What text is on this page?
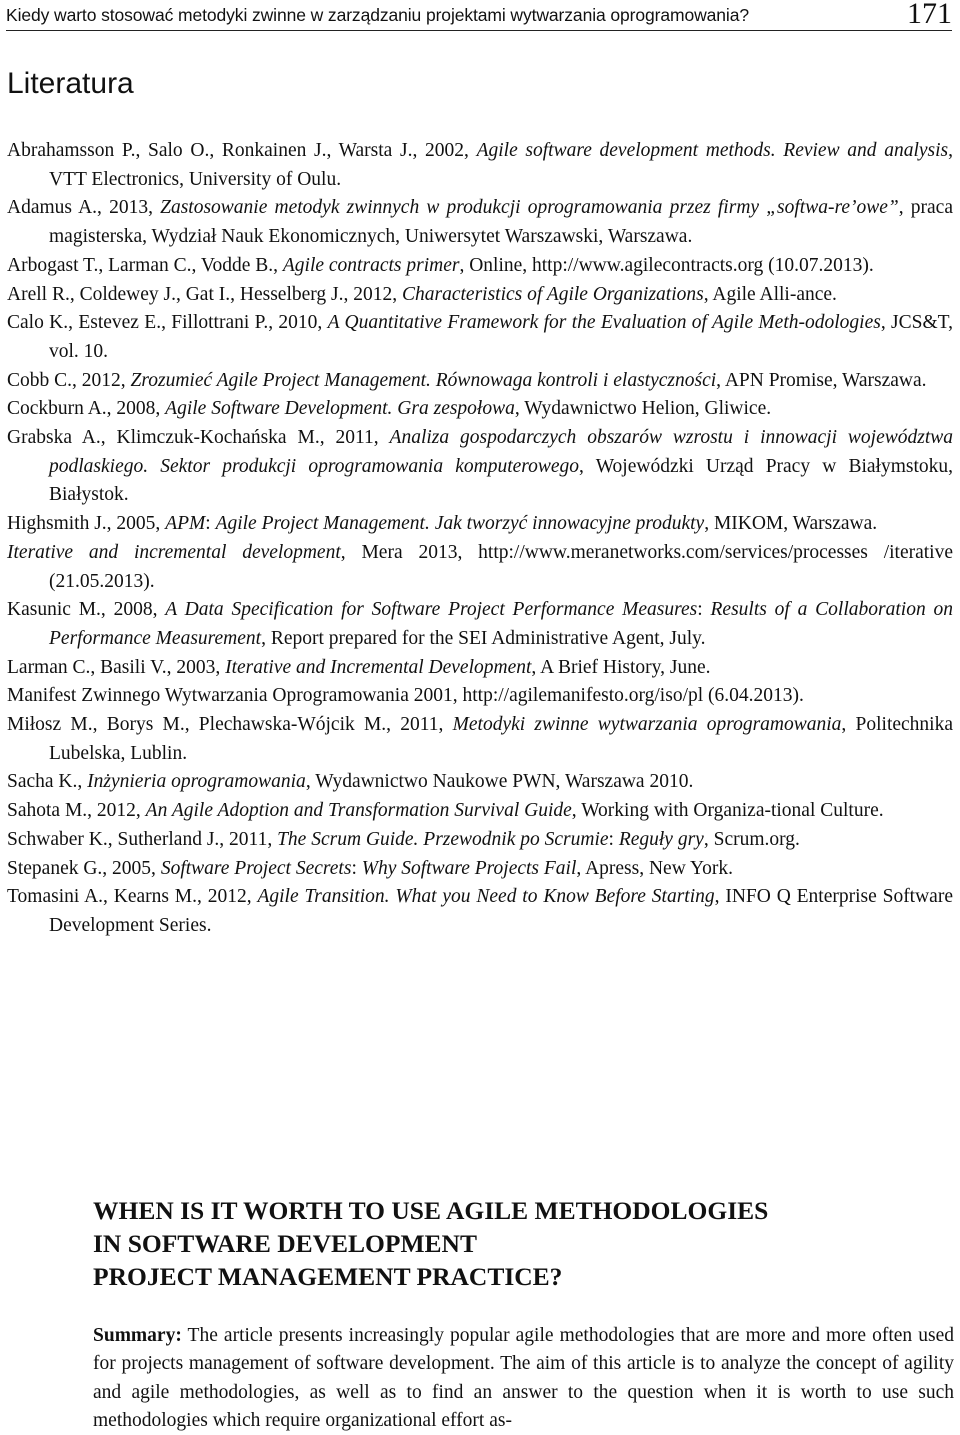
Kiedy warto stosować metodyki zwinne w zarządzaniu projektami wytwarzania oprogramowania?	171
Literatura
Abrahamsson P., Salo O., Ronkainen J., Warsta J., 2002, Agile software development methods. Review and analysis, VTT Electronics, University of Oulu.
Adamus A., 2013, Zastosowanie metodyk zwinnych w produkcji oprogramowania przez firmy „softwa-re’owe”, praca magisterska, Wydział Nauk Ekonomicznych, Uniwersytet Warszawski, Warszawa.
Arbogast T., Larman C., Vodde B., Agile contracts primer, Online, http://www.agilecontracts.org (10.07.2013).
Arell R., Coldewey J., Gat I., Hesselberg J., 2012, Characteristics of Agile Organizations, Agile Alli-ance.
Calo K., Estevez E., Fillottrani P., 2010, A Quantitative Framework for the Evaluation of Agile Meth-odologies, JCS&T, vol. 10.
Cobb C., 2012, Zrozumieć Agile Project Management. Równowaga kontroli i elastyczności, APN Promise, Warszawa.
Cockburn A., 2008, Agile Software Development. Gra zespołowa, Wydawnictwo Helion, Gliwice.
Grabska A., Klimczuk-Kochańska M., 2011, Analiza gospodarczych obszarów wzrostu i innowacji województwa podlaskiego. Sektor produkcji oprogramowania komputerowego, Wojewódzki Urząd Pracy w Białymstoku, Białystok.
Highsmith J., 2005, APM: Agile Project Management. Jak tworzyć innowacyjne produkty, MIKOM, Warszawa.
Iterative and incremental development, Mera 2013, http://www.meranetworks.com/services/processes /iterative (21.05.2013).
Kasunic M., 2008, A Data Specification for Software Project Performance Measures: Results of a Collaboration on Performance Measurement, Report prepared for the SEI Administrative Agent, July.
Larman C., Basili V., 2003, Iterative and Incremental Development, A Brief History, June.
Manifest Zwinnego Wytwarzania Oprogramowania 2001, http://agilemanifesto.org/iso/pl (6.04.2013).
Miłosz M., Borys M., Plechawska-Wójcik M., 2011, Metodyki zwinne wytwarzania oprogramowania, Politechnika Lubelska, Lublin.
Sacha K., Inżynieria oprogramowania, Wydawnictwo Naukowe PWN, Warszawa 2010.
Sahota M., 2012, An Agile Adoption and Transformation Survival Guide, Working with Organiza-tional Culture.
Schwaber K., Sutherland J., 2011, The Scrum Guide. Przewodnik po Scrumie: Reguły gry, Scrum.org.
Stepanek G., 2005, Software Project Secrets: Why Software Projects Fail, Apress, New York.
Tomasini A., Kearns M., 2012, Agile Transition. What you Need to Know Before Starting, INFO Q Enterprise Software Development Series.
WHEN IS IT WORTH TO USE AGILE METHODOLOGIES
IN SOFTWARE DEVELOPMENT
PROJECT MANAGEMENT PRACTICE?
Summary: The article presents increasingly popular agile methodologies that are more and more often used for projects management of software development. The aim of this article is to analyze the concept of agility and agile methodologies, as well as to find an answer to the question when it is worth to use such methodologies which require organizational effort as-
